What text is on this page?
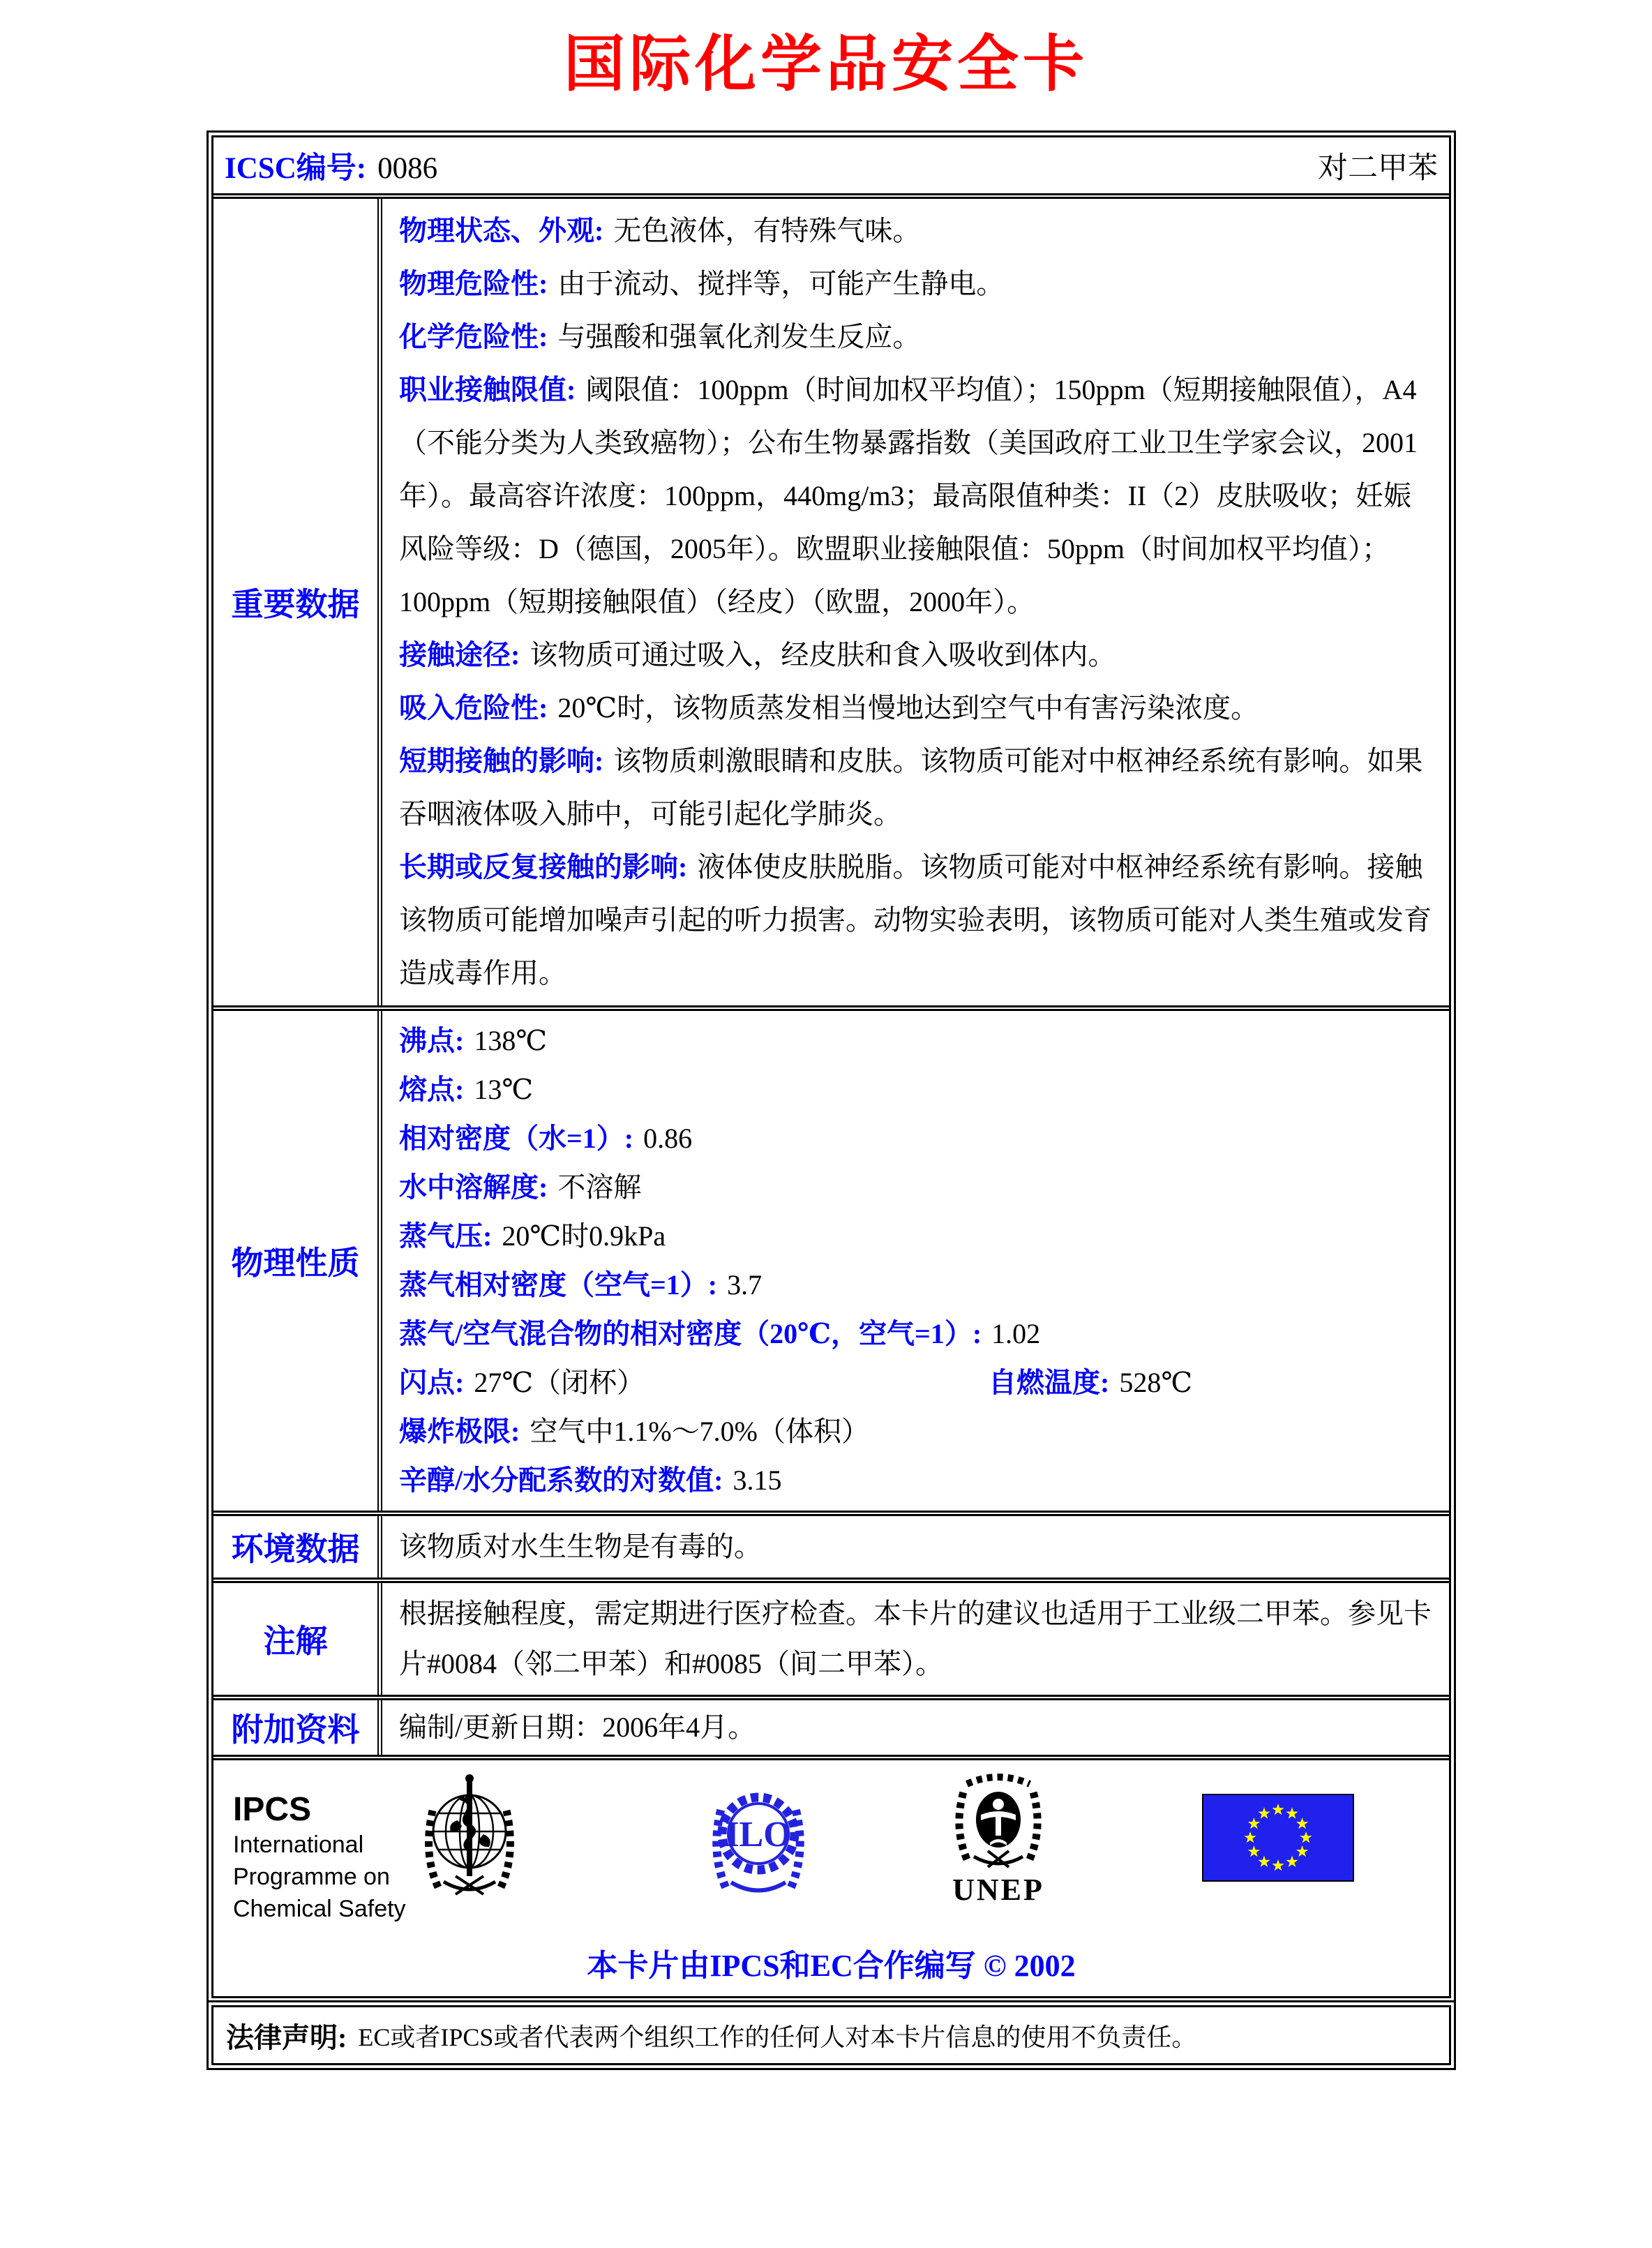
国际化学品安全卡
ICSC编号: 0086	对二甲苯
重要数据

物理状态、外观: 无色液体，有特殊气味。

物理危险性: 由于流动、搅拌等，可能产生静电。

化学危险性: 与强酸和强氧化剂发生反应。

职业接触限值: 阈限值：100ppm（时间加权平均值）；150ppm（短期接触限值），A4（不能分类为人类致癌物）；公布生物暴露指数（美国政府工业卫生学家会议，2001年）。最高容许浓度：100ppm，440mg/m3；最高限值种类：II（2）皮肤吸收；妊娠风险等级：D（德国，2005年）。欧盟职业接触限值：50ppm（时间加权平均值）；100ppm（短期接触限值）（经皮）（欧盟，2000年）。

接触途径: 该物质可通过吸入，经皮肤和食入吸收到体内。

吸入危险性: 20℃时，该物质蒸发相当慢地达到空气中有害污染浓度。

短期接触的影响: 该物质刺激眼睛和皮肤。该物质可能对中枢神经系统有影响。如果吞咽液体吸入肺中，可能引起化学肺炎。

长期或反复接触的影响: 液体使皮肤脱脂。该物质可能对中枢神经系统有影响。接触该物质可能增加噪声引起的听力损害。动物实验表明，该物质可能对人类生殖或发育造成毒作用。

物理性质
沸点: 138℃
熔点: 13℃
相对密度（水=1）: 0.86
水中溶解度: 不溶解
蒸气压: 20℃时0.9kPa
蒸气相对密度（空气=1）: 3.7
蒸气/空气混合物的相对密度（20℃，空气=1）: 1.02
闪点: 27℃（闭杯）	自燃温度: 528℃
爆炸极限: 空气中1.1%～7.0%（体积）
辛醇/水分配系数的对数值: 3.15
环境数据	该物质对水生生物是有毒的。
注解
根据接触程度，需定期进行医疗检查。本卡片的建议也适用于工业级二甲苯。参见卡片#0084（邻二甲苯）和#0085（间二甲苯）。
附加资料	编制/更新日期：2006年4月。
IPCS
International
Programme on
Chemical Safety
ILO
UNEP
本卡片由IPCS和EC合作编写 © 2002
法律声明: EC或者IPCS或者代表两个组织工作的任何人对本卡片信息的使用不负责任。
